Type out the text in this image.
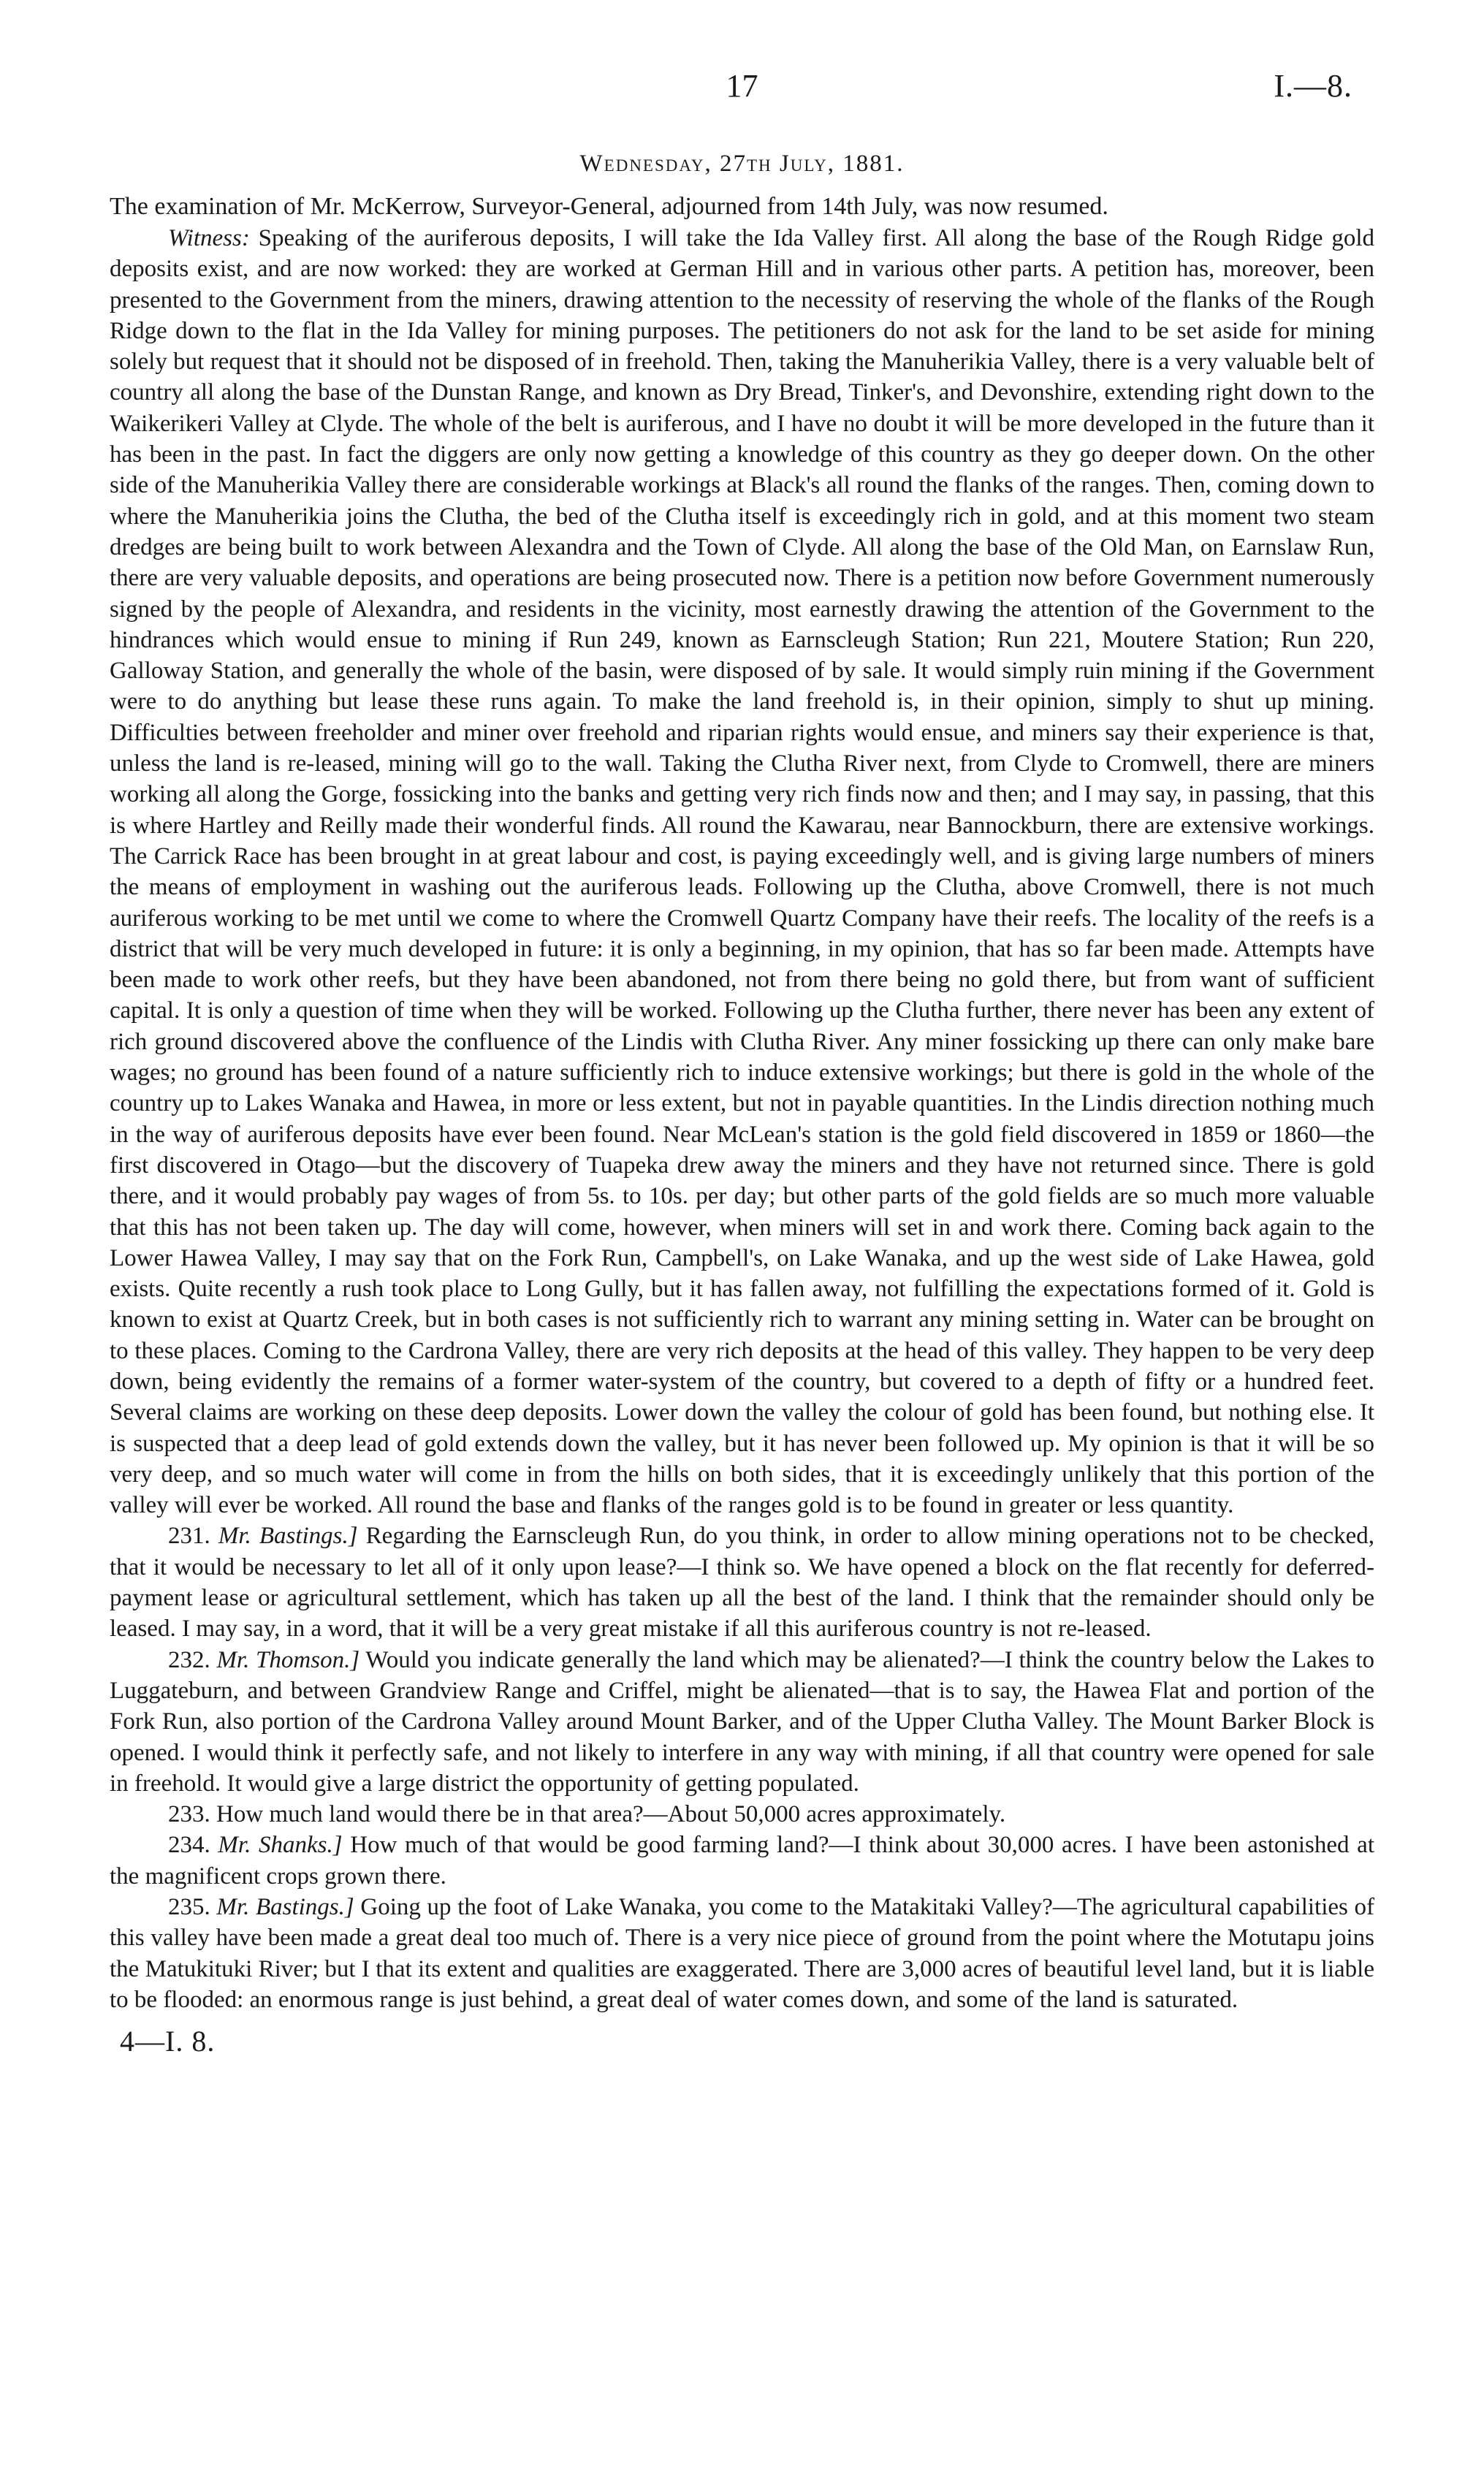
17	I.—8.
Wednesday, 27th July, 1881.
The examination of Mr. McKerrow, Surveyor-General, adjourned from 14th July, was now resumed.

Witness: Speaking of the auriferous deposits, I will take the Ida Valley first. All along the base of the Rough Ridge gold deposits exist, and are now worked: they are worked at German Hill and in various other parts. A petition has, moreover, been presented to the Government from the miners, drawing attention to the necessity of reserving the whole of the flanks of the Rough Ridge down to the flat in the Ida Valley for mining purposes. The petitioners do not ask for the land to be set aside for mining solely but request that it should not be disposed of in freehold. Then, taking the Manuherikia Valley, there is a very valuable belt of country all along the base of the Dunstan Range, and known as Dry Bread, Tinker's, and Devonshire, extending right down to the Waikerikeri Valley at Clyde. The whole of the belt is auriferous, and I have no doubt it will be more developed in the future than it has been in the past. In fact the diggers are only now getting a knowledge of this country as they go deeper down. On the other side of the Manuherikia Valley there are considerable workings at Black's all round the flanks of the ranges. Then, coming down to where the Manuherikia joins the Clutha, the bed of the Clutha itself is exceedingly rich in gold, and at this moment two steam dredges are being built to work between Alexandra and the Town of Clyde. All along the base of the Old Man, on Earnslaw Run, there are very valuable deposits, and operations are being prosecuted now. There is a petition now before Government numerously signed by the people of Alexandra, and residents in the vicinity, most earnestly drawing the attention of the Government to the hindrances which would ensue to mining if Run 249, known as Earnscleugh Station; Run 221, Moutere Station; Run 220, Galloway Station, and generally the whole of the basin, were disposed of by sale. It would simply ruin mining if the Government were to do anything but lease these runs again. To make the land freehold is, in their opinion, simply to shut up mining. Difficulties between freeholder and miner over freehold and riparian rights would ensue, and miners say their experience is that, unless the land is re-leased, mining will go to the wall. Taking the Clutha River next, from Clyde to Cromwell, there are miners working all along the Gorge, fossicking into the banks and getting very rich finds now and then; and I may say, in passing, that this is where Hartley and Reilly made their wonderful finds. All round the Kawarau, near Bannockburn, there are extensive workings. The Carrick Race has been brought in at great labour and cost, is paying exceedingly well, and is giving large numbers of miners the means of employment in washing out the auriferous leads. Following up the Clutha, above Cromwell, there is not much auriferous working to be met until we come to where the Cromwell Quartz Company have their reefs. The locality of the reefs is a district that will be very much developed in future: it is only a beginning, in my opinion, that has so far been made. Attempts have been made to work other reefs, but they have been abandoned, not from there being no gold there, but from want of sufficient capital. It is only a question of time when they will be worked. Following up the Clutha further, there never has been any extent of rich ground discovered above the confluence of the Lindis with Clutha River. Any miner fossicking up there can only make bare wages; no ground has been found of a nature sufficiently rich to induce extensive workings; but there is gold in the whole of the country up to Lakes Wanaka and Hawea, in more or less extent, but not in payable quantities. In the Lindis direction nothing much in the way of auriferous deposits have ever been found. Near McLean's station is the gold field discovered in 1859 or 1860—the first discovered in Otago—but the discovery of Tuapeka drew away the miners and they have not returned since. There is gold there, and it would probably pay wages of from 5s. to 10s. per day; but other parts of the gold fields are so much more valuable that this has not been taken up. The day will come, however, when miners will set in and work there. Coming back again to the Lower Hawea Valley, I may say that on the Fork Run, Campbell's, on Lake Wanaka, and up the west side of Lake Hawea, gold exists. Quite recently a rush took place to Long Gully, but it has fallen away, not fulfilling the expectations formed of it. Gold is known to exist at Quartz Creek, but in both cases is not sufficiently rich to warrant any mining setting in. Water can be brought on to these places. Coming to the Cardrona Valley, there are very rich deposits at the head of this valley. They happen to be very deep down, being evidently the remains of a former water-system of the country, but covered to a depth of fifty or a hundred feet. Several claims are working on these deep deposits. Lower down the valley the colour of gold has been found, but nothing else. It is suspected that a deep lead of gold extends down the valley, but it has never been followed up. My opinion is that it will be so very deep, and so much water will come in from the hills on both sides, that it is exceedingly unlikely that this portion of the valley will ever be worked. All round the base and flanks of the ranges gold is to be found in greater or less quantity.

231. Mr. Bastings.] Regarding the Earnscleugh Run, do you think, in order to allow mining operations not to be checked, that it would be necessary to let all of it only upon lease?—I think so. We have opened a block on the flat recently for deferred-payment lease or agricultural settlement, which has taken up all the best of the land. I think that the remainder should only be leased. I may say, in a word, that it will be a very great mistake if all this auriferous country is not re-leased.

232. Mr. Thomson.] Would you indicate generally the land which may be alienated?—I think the country below the Lakes to Luggateburn, and between Grandview Range and Criffel, might be alienated—that is to say, the Hawea Flat and portion of the Fork Run, also portion of the Cardrona Valley around Mount Barker, and of the Upper Clutha Valley. The Mount Barker Block is opened. I would think it perfectly safe, and not likely to interfere in any way with mining, if all that country were opened for sale in freehold. It would give a large district the opportunity of getting populated.

233. How much land would there be in that area?—About 50,000 acres approximately.

234. Mr. Shanks.] How much of that would be good farming land?—I think about 30,000 acres. I have been astonished at the magnificent crops grown there.

235. Mr. Bastings.] Going up the foot of Lake Wanaka, you come to the Matakitaki Valley?—The agricultural capabilities of this valley have been made a great deal too much of. There is a very nice piece of ground from the point where the Motutapu joins the Matukituki River; but I that its extent and qualities are exaggerated. There are 3,000 acres of beautiful level land, but it is liable to be flooded: an enormous range is just behind, a great deal of water comes down, and some of the land is saturated.

4—I. 8.
